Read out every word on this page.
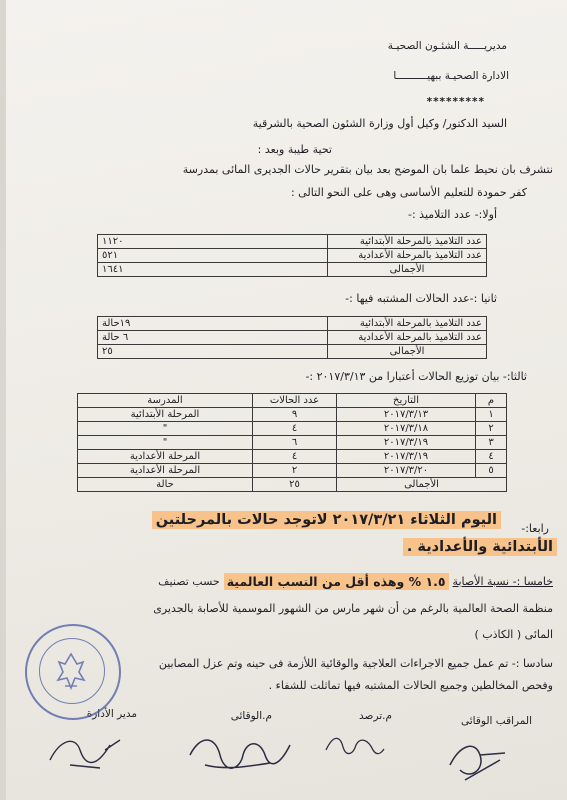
مديريـــــة الشئـون الصحيـة
الادارة الصحيـة ببهيــــــــــا
*********
السيد الدكتور/ وكيل أول وزارة الشئون الصحية بالشرقية
تحية طيبة وبعد :
نتشرف بان نحيط علما بان الموضح بعد بيان بتقرير حالات الجديرى المائى بمدرسة
كفر حمودة للتعليم الأساسى وهى على النحو التالى :
أولا:- عدد التلاميذ :-
عدد التلاميذ بالمرحلة الأبتدائية	١١٢٠
عدد التلاميذ بالمرحلة الأعدادية	٥٢١
الأجمالى	١٦٤١
ثانيا :-عدد الحالات المشتبه فيها :-
عدد التلاميذ بالمرحلة الأبتدائية	١٩حالة
عدد التلاميذ بالمرحلة الأعدادية	٦ حالة
الأجمالى	٢٥
ثالثا:- بيان توزيع الحالات أعتبارا من ٢٠١٧/٣/١٣ :-
م	التاريخ	عدد الحالات	المدرسة
١	٢٠١٧/٣/١٣	٩	المرحلة الأبتدائية
٢	٢٠١٧/٣/١٨	٤	"
٣	٢٠١٧/٣/١٩	٦	"
٤	٢٠١٧/٣/١٩	٤	المرحلة الأعدادية
٥	٢٠١٧/٣/٢٠	٢	المرحلة الأعدادية
الأجمالى		٢٥	حالة
رابعا:-
اليوم الثلاثاء ٢٠١٧/٣/٢١ لاتوجد حالات بالمرحلتين
الأبتدائية والأعدادية .
خامسا :- نسبة الأصابة
١.٥ % وهذه أقل من النسب العالمية
حسب تصنيف
منظمة الصحة العالمية بالرغم من أن شهر مارس من الشهور الموسمية للأصابة بالجديرى
المائى ( الكاذب )
سادسا :- تم عمل جميع الاجراءات العلاجية والوقائية اللأزمة فى حينه وتم عزل المصابين
وفحص المخالطين وجميع الحالات المشتبه فيها تماثلت للشفاء .
المراقب الوقائى
م.ترصد
م.الوقائى
مدير الأدارة
